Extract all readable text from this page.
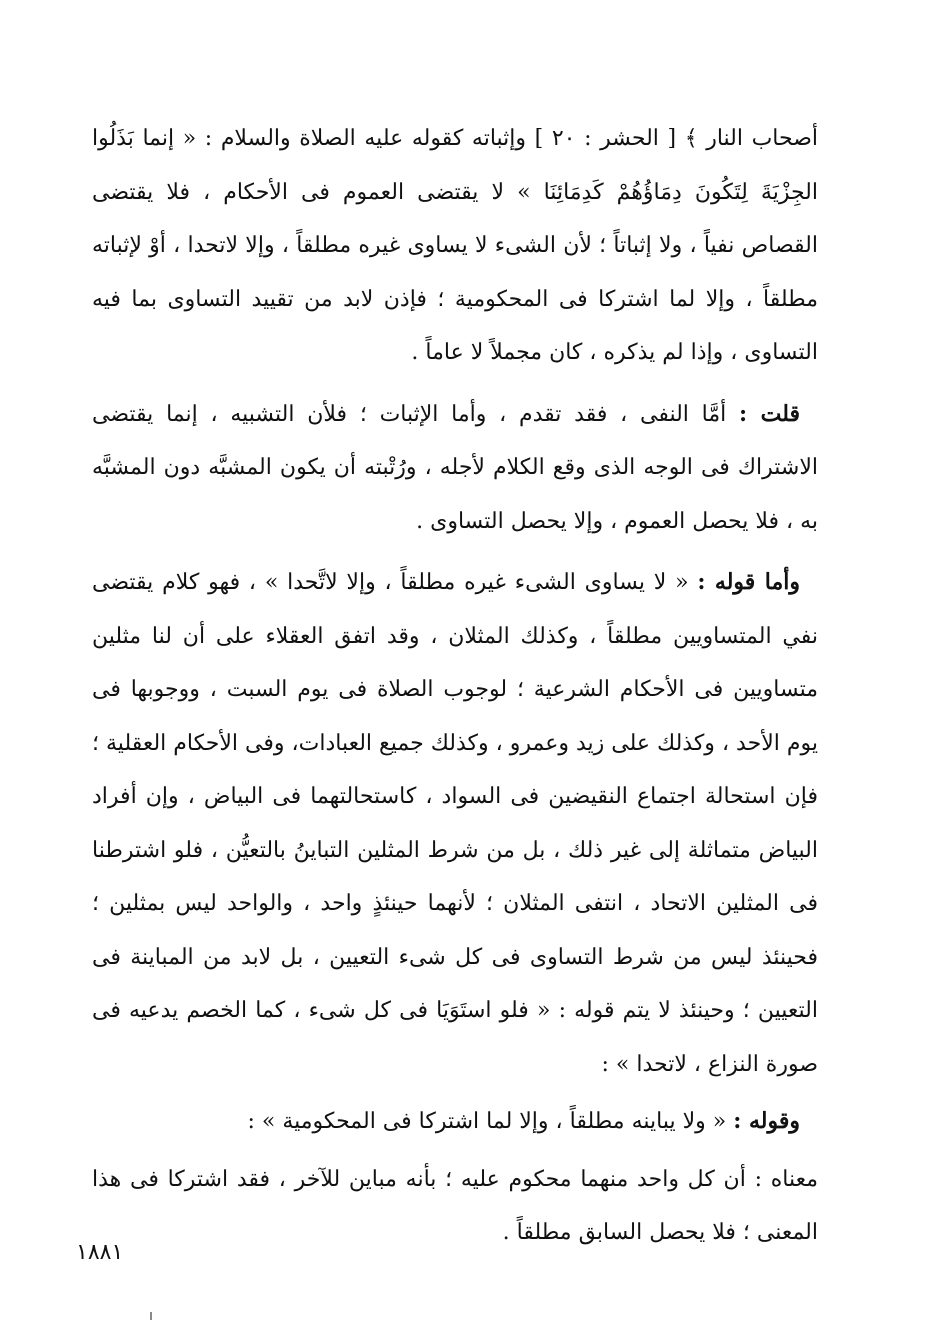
أصحاب النار ﴾ [ الحشر : ٢٠ ] وإثباته كقوله عليه الصلاة والسلام : « إنما بَذَلُوا الجِزْيَةَ لِتَكُونَ دِمَاؤُهُمْ كَدِمَائِنَا » لا يقتضى العموم فى الأحكام ، فلا يقتضى القصاص نفياً ، ولا إثباتاً ؛ لأن الشىء لا يساوى غيره مطلقاً ، وإلا لاتحدا ، أوْ لإثباته مطلقاً ، وإلا لما اشتركا فى المحكومية ؛ فإذن لابد من تقييد التساوى بما فيه التساوى ، وإذا لم يذكره ، كان مجملاً لا عاماً .

قلت : أمَّا النفى ، فقد تقدم ، وأما الإثبات ؛ فلأن التشبيه ، إنما يقتضى الاشتراك فى الوجه الذى وقع الكلام لأجله ، ورُتْبته أن يكون المشبَّه دون المشبَّه به ، فلا يحصل العموم ، وإلا يحصل التساوى .

وأما قوله : « لا يساوى الشىء غيره مطلقاً ، وإلا لاتَّحدا » ، فهو كلام يقتضى نفي المتساويين مطلقاً ، وكذلك المثلان ، وقد اتفق العقلاء على أن لنا مثلين متساويين فى الأحكام الشرعية ؛ لوجوب الصلاة فى يوم السبت ، ووجوبها فى يوم الأحد ، وكذلك على زيد وعمرو ، وكذلك جميع العبادات، وفى الأحكام العقلية ؛ فإن استحالة اجتماع النقيضين فى السواد ، كاستحالتهما فى البياض ، وإن أفراد البياض متماثلة إلى غير ذلك ، بل من شرط المثلين التباينُ بالتعيُّن ، فلو اشترطنا فى المثلين الاتحاد ، انتفى المثلان ؛ لأنهما حينئذٍ واحد ، والواحد ليس بمثلين ؛ فحينئذ ليس من شرط التساوى فى كل شىء التعيين ، بل لابد من المباينة فى التعيين ؛ وحينئذ لا يتم قوله : « فلو استَوَيَا فى كل شىء ، كما الخصم يدعيه فى صورة النزاع ، لاتحدا » :

وقوله : « ولا يباينه مطلقاً ، وإلا لما اشتركا فى المحكومية » :

معناه : أن كل واحد منهما محكوم عليه ؛ بأنه مباين للآخر ، فقد اشتركا فى هذا المعنى ؛ فلا يحصل السابق مطلقاً .

١٨٨١
